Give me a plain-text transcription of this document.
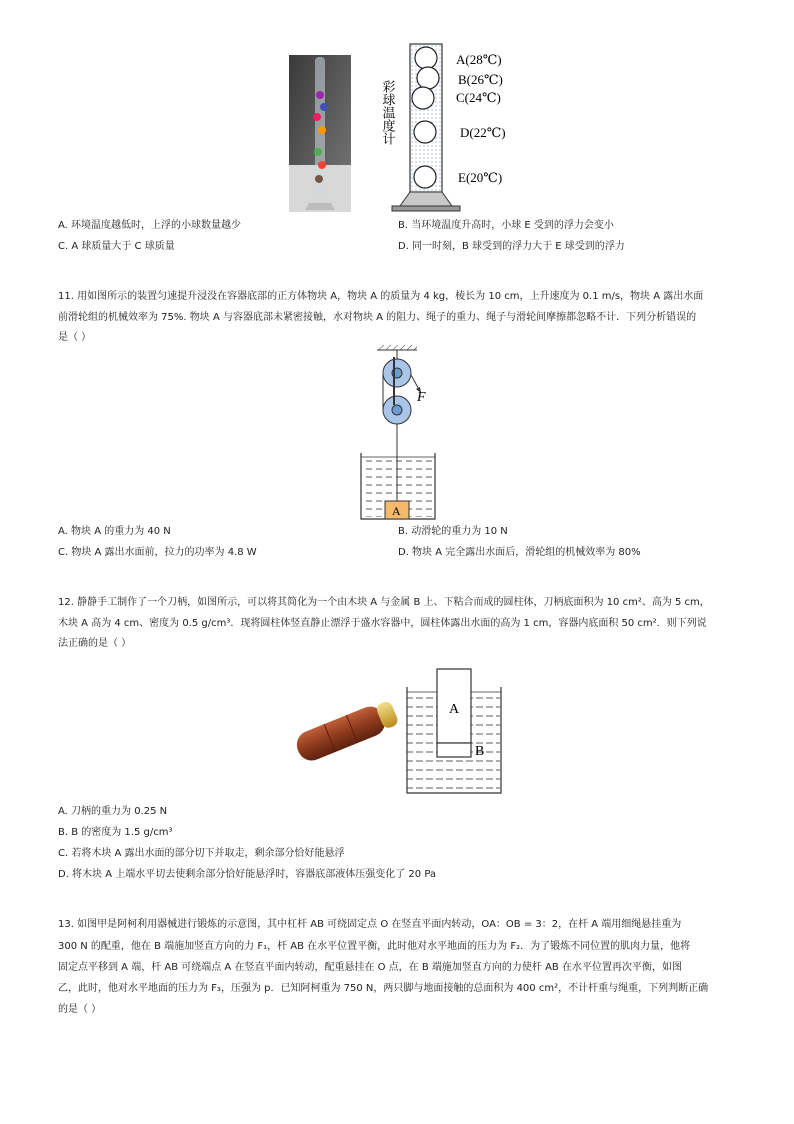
彩球温度计
A(28℃)
B(26℃)
C(24℃)
D(22℃)
E(20℃)
A. 环境温度越低时，上浮的小球数量越少	B. 当环境温度升高时，小球 E 受到的浮力会变小
C. A 球质量大于 C 球质量	D. 同一时刻，B 球受到的浮力大于 E 球受到的浮力
11. 用如图所示的装置匀速提升浸没在容器底部的正方体物块 A，物块 A 的质量为 4 kg，棱长为 10 cm，上升速度为 0.1 m/s，物块 A 露出水面
前滑轮组的机械效率为 75%. 物块 A 与容器底部未紧密接触，水对物块 A 的阻力、绳子的重力、绳子与滑轮间摩擦都忽略不计．下列分析错误的
是（ ）
F
A
A. 物块 A 的重力为 40 N	B. 动滑轮的重力为 10 N
C. 物块 A 露出水面前，拉力的功率为 4.8 W	D. 物块 A 完全露出水面后，滑轮组的机械效率为 80%
12. 静静手工制作了一个刀柄，如图所示，可以将其简化为一个由木块 A 与金属 B 上、下粘合而成的圆柱体，刀柄底面积为 10 cm²、高为 5 cm，
木块 A 高为 4 cm、密度为 0.5 g/cm³．现将圆柱体竖直静止漂浮于盛水容器中，圆柱体露出水面的高为 1 cm，容器内底面积 50 cm²．则下列说
法正确的是（ ）
A
B
A. 刀柄的重力为 0.25 N
B. B 的密度为 1.5 g/cm³
C. 若将木块 A 露出水面的部分切下并取走，剩余部分恰好能悬浮
D. 将木块 A 上端水平切去使剩余部分恰好能悬浮时，容器底部液体压强变化了 20 Pa
13. 如图甲是阿柯利用器械进行锻炼的示意图，其中杠杆 AB 可绕固定点 O 在竖直平面内转动，OA：OB = 3：2，在杆 A 端用细绳悬挂重为
300 N 的配重，他在 B 端施加竖直方向的力 F₁，杆 AB 在水平位置平衡，此时他对水平地面的压力为 F₂．为了锻炼不同位置的肌肉力量，他将
固定点平移到 A 端，杆 AB 可绕端点 A 在竖直平面内转动，配重悬挂在 O 点，在 B 端施加竖直方向的力使杆 AB 在水平位置再次平衡，如图
乙，此时，他对水平地面的压力为 F₃，压强为 p．已知阿柯重为 750 N，两只脚与地面接触的总面积为 400 cm²，不计杆重与绳重，下列判断正确
的是（ ）
